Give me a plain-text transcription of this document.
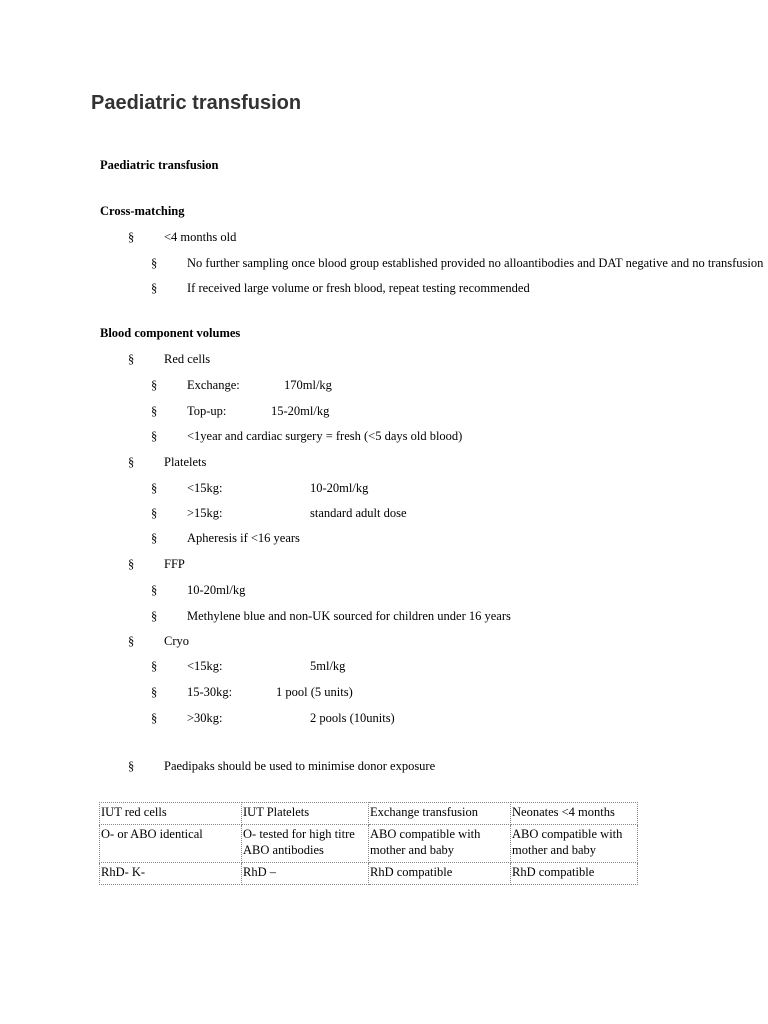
Paediatric transfusion

Paediatric transfusion

Cross-matching

§ <4 months old
§ No further sampling once blood group established provided no alloantibodies and DAT negative and no transfusion
§ If received large volume or fresh blood, repeat testing recommended

Blood component volumes

§ Red cells
§ Exchange:	170ml/kg
§ Top-up:	15-20ml/kg
§ <1year and cardiac surgery = fresh (<5 days old blood)
§ Platelets
§ <15kg:	10-20ml/kg
§ >15kg:	standard adult dose
§ Apheresis if <16 years
§ FFP
§ 10-20ml/kg
§ Methylene blue and non-UK sourced for children under 16 years
§ Cryo
§ <15kg:	5ml/kg
§ 15-30kg:	1 pool (5 units)
§ >30kg:	2 pools (10units)
§ Paedipaks should be used to minimise donor exposure
IUT red cells	IUT Platelets	Exchange transfusion	Neonates <4 months
O- or ABO identical	O- tested for high titre ABO antibodies	ABO compatible with mother and baby	ABO compatible with mother and baby
RhD- K-	RhD –	RhD compatible	RhD compatible
